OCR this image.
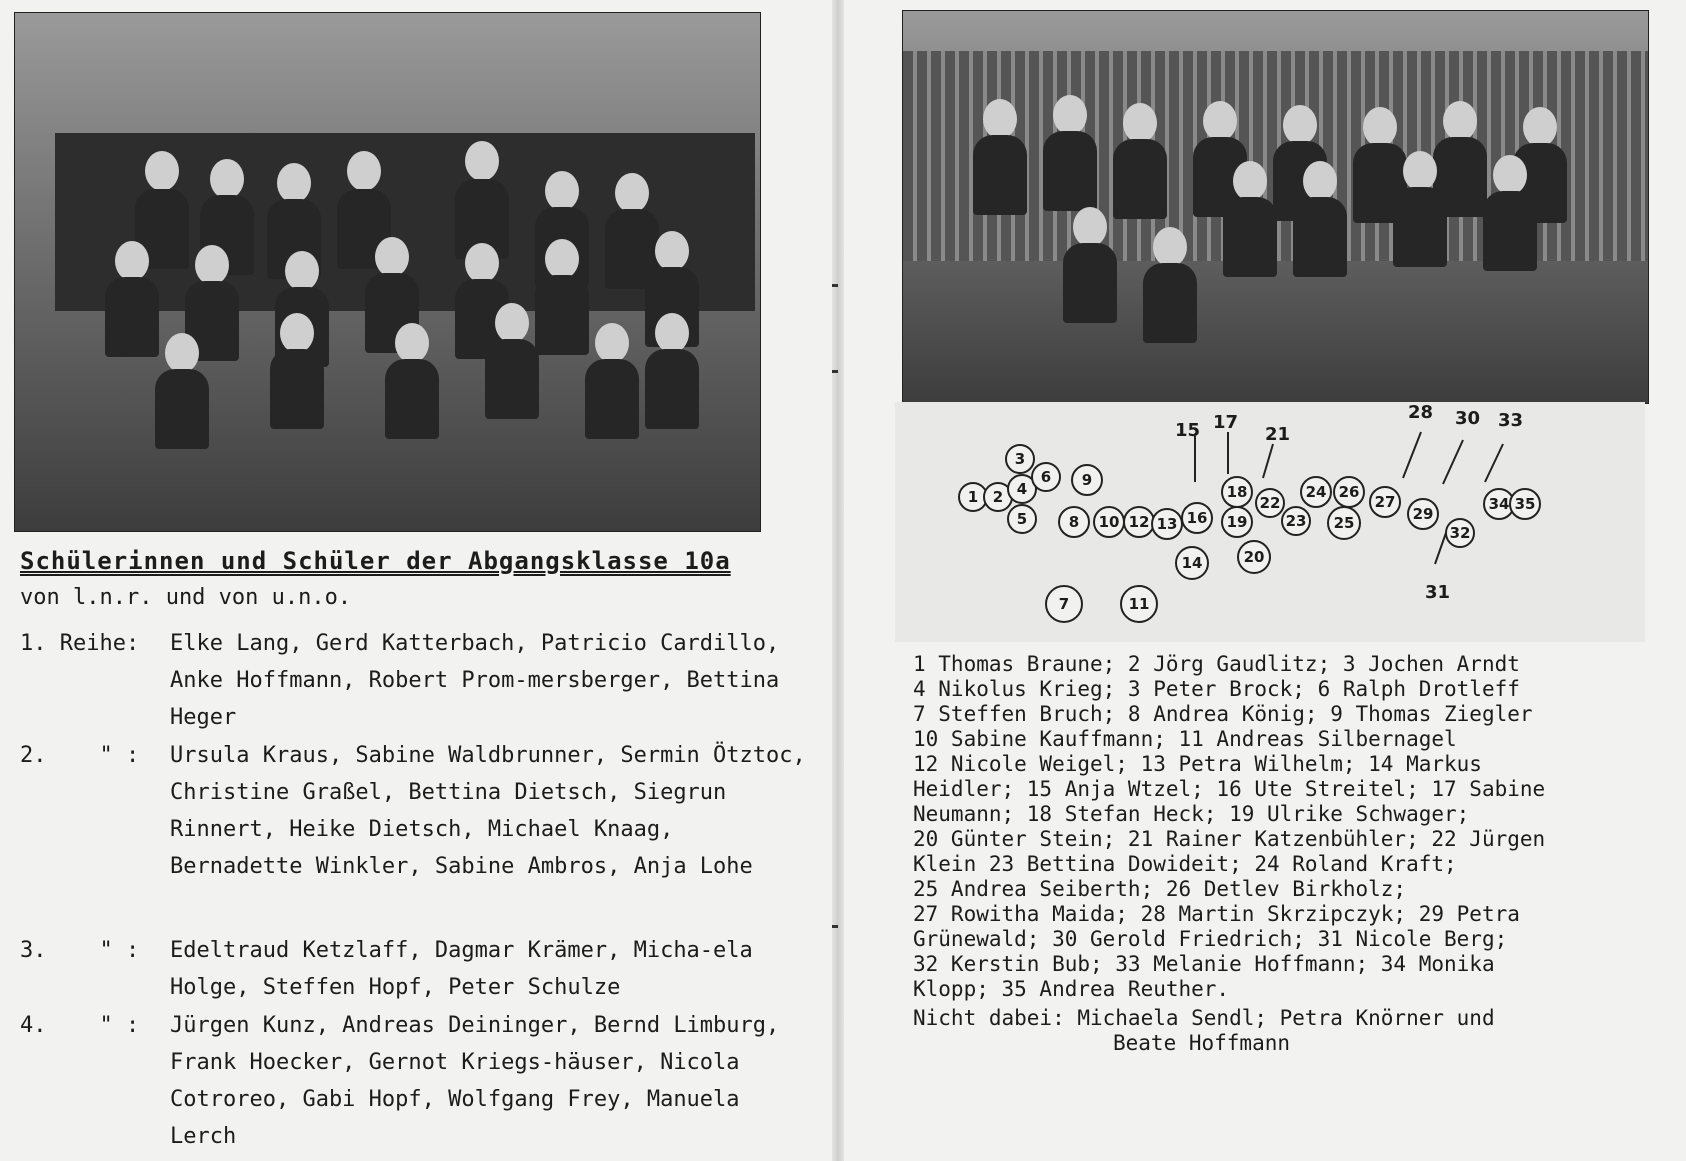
Schülerinnen und Schüler der Abgangsklasse 10a
von l.n.r. und von u.n.o.
1. Reihe:	Elke Lang, Gerd Katterbach, Patricio Cardillo, Anke Hoffmann, Robert Prom-mersberger, Bettina Heger
2.    " :	Ursula Kraus, Sabine Waldbrunner, Sermin Ötztoc, Christine Graßel, Bettina Dietsch, Siegrun Rinnert, Heike Dietsch, Michael Knaag, Bernadette Winkler, Sabine Ambros, Anja Lohe
3.    " :	Edeltraud Ketzlaff, Dagmar Krämer, Micha-ela Holge, Steffen Hopf, Peter Schulze
4.    " :	Jürgen Kunz, Andreas Deininger, Bernd Limburg, Frank Hoecker, Gernot Kriegs-häuser, Nicola Cotroreo, Gabi Hopf, Wolfgang Frey, Manuela Lerch
15 17
21
28 30 33
31
1 2
3
4
5
6
7
8
9
10
11
12 13
14
16
18
19
20
22
23
24
25
26
27
29
32
34 35
1 Thomas Braune; 2 Jörg Gaudlitz; 3 Jochen Arndt
4 Nikolus Krieg; 3 Peter Brock; 6 Ralph Drotleff
7 Steffen Bruch; 8 Andrea König; 9 Thomas Ziegler
10 Sabine Kauffmann; 11 Andreas Silbernagel
12 Nicole Weigel; 13 Petra Wilhelm; 14 Markus
Heidler; 15 Anja Wtzel; 16 Ute Streitel; 17 Sabine
Neumann; 18 Stefan Heck; 19 Ulrike Schwager;
20 Günter Stein; 21 Rainer Katzenbühler; 22 Jürgen
Klein 23 Bettina Dowideit; 24 Roland Kraft;
25 Andrea Seiberth; 26 Detlev Birkholz;
27 Rowitha Maida; 28 Martin Skrzipczyk; 29 Petra
Grünewald; 30 Gerold Friedrich; 31 Nicole Berg;
32 Kerstin Bub; 33 Melanie Hoffmann; 34 Monika
Klopp; 35 Andrea Reuther.
Nicht dabei: Michaela Sendl; Petra Knörner und
Beate Hoffmann
